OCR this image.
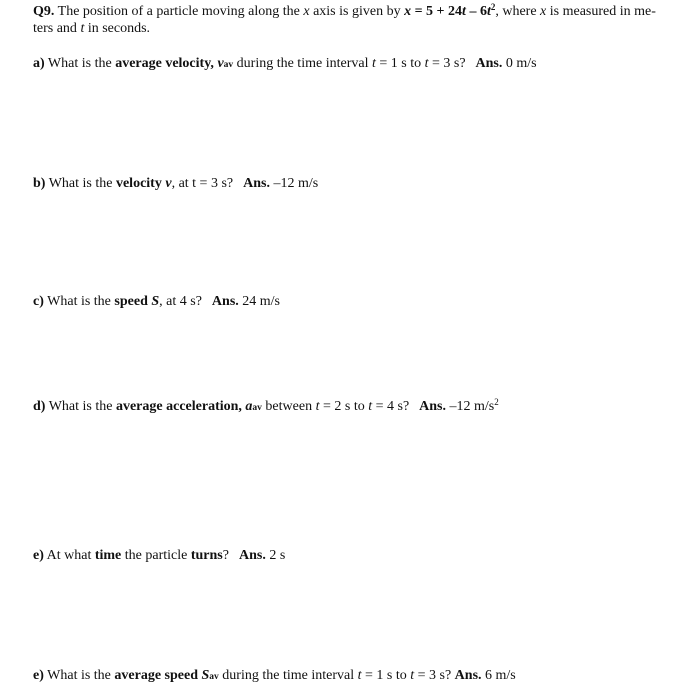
Q9. The position of a particle moving along the x axis is given by $x = 5 + 24t - 6t^2$, where x is measured in me-
ters and t in seconds.
a) What is the average velocity, vav during the time interval t = 1 s to t = 3 s? Ans. 0 m/s
b) What is the velocity v, at t = 3 s? Ans. –12 m/s
c) What is the speed S, at 4 s? Ans. 24 m/s
d) What is the average acceleration, aav between t = 2 s to t = 4 s? Ans. –12 $m/s^2$
e) At what time the particle turns? Ans. 2 s
e) What is the average speed Sav during the time interval t = 1 s to t = 3 s? Ans. 6 m/s
